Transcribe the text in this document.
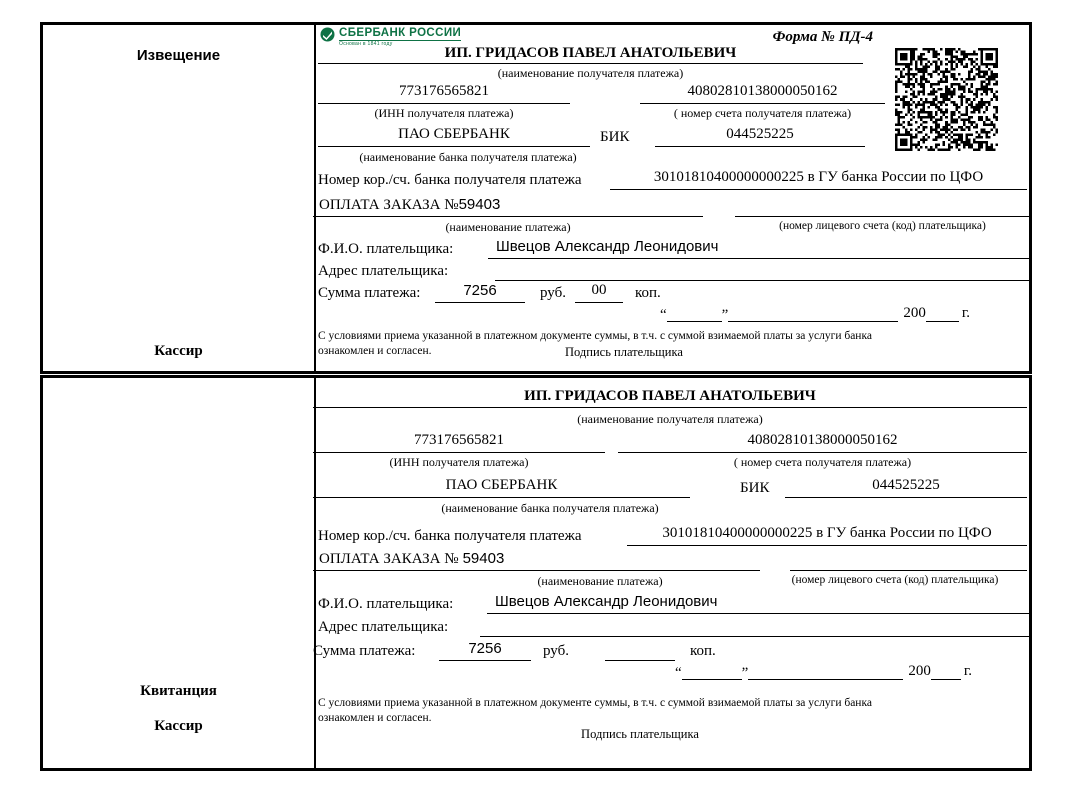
Извещение
Кассир
СБЕРБАНК РОССИИ
Основан в 1841 году	Форма № ПД-4
ИП. ГРИДАСОВ ПАВЕЛ АНАТОЛЬЕВИЧ
(наименование получателя платежа)
773176565821	40802810138000050162
(ИНН получателя платежа)	( номер счета получателя платежа)
ПАО СБЕРБАНК	БИК	044525225
(наименование банка получателя платежа)
Номер кор./сч. банка получателя платежа	30101810400000000225 в ГУ банка России по ЦФО
ОПЛАТА ЗАКАЗА №59403
(наименование платежа)	(номер лицевого счета (код) плательщика)
Ф.И.О. плательщика:	Швецов Александр Леонидович
Адрес плательщика:
Сумма платежа:	7256	руб.	00	коп.
“	”	200 г.
С условиями приема указанной в платежном документе суммы, в т.ч. с суммой взимаемой платы за услуги банка
ознакомлен и согласен.	Подпись плательщика
Квитанция
Кассир
ИП. ГРИДАСОВ ПАВЕЛ АНАТОЛЬЕВИЧ
(наименование получателя платежа)
773176565821	40802810138000050162
(ИНН получателя платежа)	( номер счета получателя платежа)
ПАО СБЕРБАНК	БИК	044525225
(наименование банка получателя платежа)
Номер кор./сч. банка получателя платежа	30101810400000000225 в ГУ банка России по ЦФО
ОПЛАТА ЗАКАЗА № 59403
(наименование платежа)	(номер лицевого счета (код) плательщика)
Ф.И.О. плательщика:	Швецов Александр Леонидович
Адрес плательщика:
Сумма платежа:	7256	руб.	коп.
“	”	200 г.
С условиями приема указанной в платежном документе суммы, в т.ч. с суммой взимаемой платы за услуги банка
ознакомлен и согласен.
Подпись плательщика
